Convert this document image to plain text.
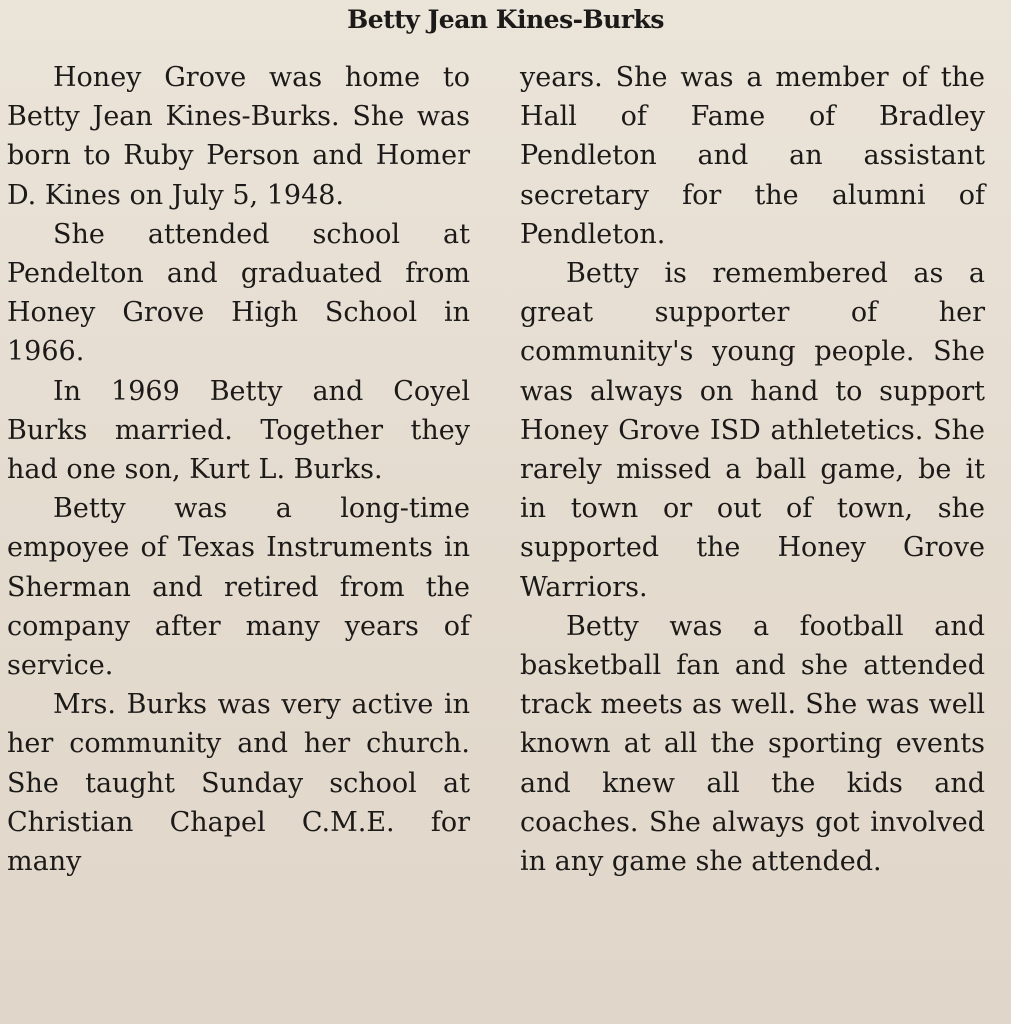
Betty Jean Kines-Burks

Honey Grove was home to Betty Jean Kines-Burks. She was born to Ruby Person and Homer D. Kines on July 5, 1948.

She attended school at Pendelton and graduated from Honey Grove High School in 1966.

In 1969 Betty and Coyel Burks married. Together they had one son, Kurt L. Burks.

Betty was a long-time empoyee of Texas Instruments in Sherman and retired from the company after many years of service.

Mrs. Burks was very active in her community and her church. She taught Sunday school at Christian Chapel C.M.E. for many

years. She was a member of the Hall of Fame of Bradley Pendleton and an assistant secretary for the alumni of Pendleton.

Betty is remembered as a great supporter of her community's young people. She was always on hand to support Honey Grove ISD athletetics. She rarely missed a ball game, be it in town or out of town, she supported the Honey Grove Warriors.

Betty was a football and basketball fan and she attended track meets as well. She was well known at all the sporting events and knew all the kids and coaches. She always got involved in any game she attended.
